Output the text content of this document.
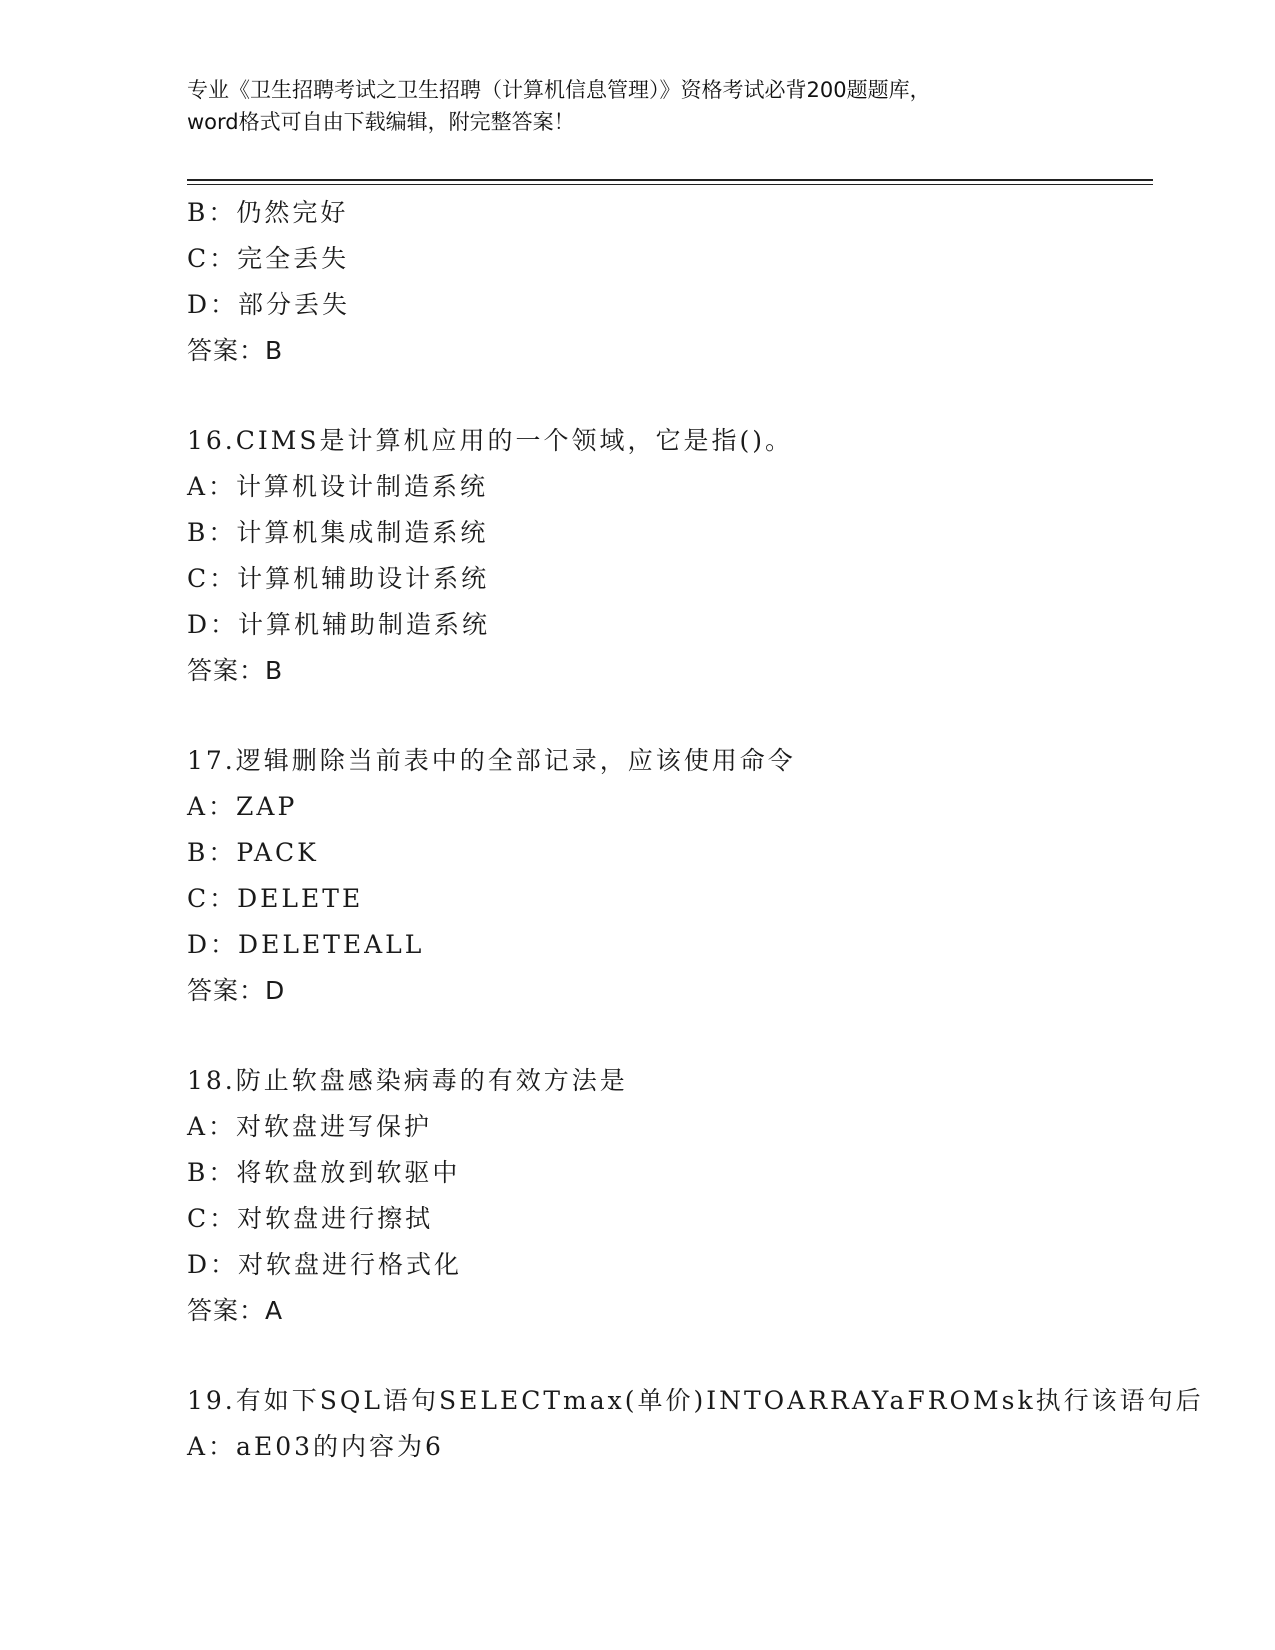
专业《卫生招聘考试之卫生招聘（计算机信息管理）》资格考试必背200题题库，
word格式可自由下载编辑，附完整答案！
B：仍然完好
C：完全丢失
D：部分丢失
答案：B
16.CIMS是计算机应用的一个领域，它是指()。
A：计算机设计制造系统
B：计算机集成制造系统
C：计算机辅助设计系统
D：计算机辅助制造系统
答案：B
17.逻辑删除当前表中的全部记录，应该使用命令
A：ZAP
B：PACK
C：DELETE
D：DELETEALL
答案：D
18.防止软盘感染病毒的有效方法是
A：对软盘进写保护
B：将软盘放到软驱中
C：对软盘进行擦拭
D：对软盘进行格式化
答案：A
19.有如下SQL语句SELECTmax(单价)INTOARRAYaFROMsk执行该语句后
A：aE03的内容为6
